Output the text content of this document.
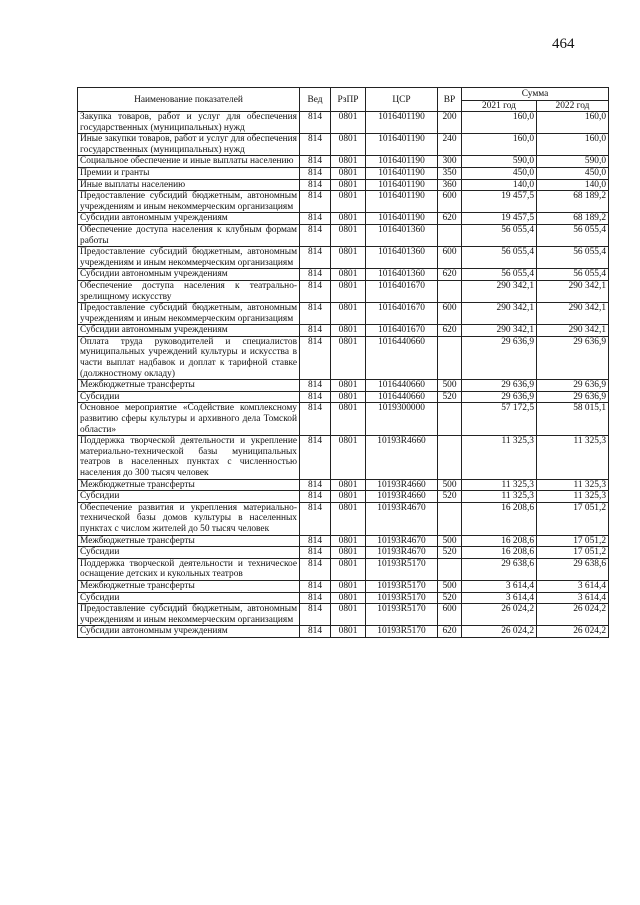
464
Наименование показателей	Вед	РзПР	ЦСР	ВР	Сумма	
					2021 год	2022 год
Закупка товаров, работ и услуг для обеспечения государственных (муниципальных) нужд	814	0801	1016401190	200	160,0	160,0
Иные закупки товаров, работ и услуг для обеспечения государственных (муниципальных) нужд	814	0801	1016401190	240	160,0	160,0
Социальное обеспечение и иные выплаты населению	814	0801	1016401190	300	590,0	590,0
Премии и гранты	814	0801	1016401190	350	450,0	450,0
Иные выплаты населению	814	0801	1016401190	360	140,0	140,0
Предоставление субсидий бюджетным, автономным учреждениям и иным некоммерческим организациям	814	0801	1016401190	600	19 457,5	68 189,2
Субсидии автономным учреждениям	814	0801	1016401190	620	19 457,5	68 189,2
Обеспечение доступа населения к клубным формам работы	814	0801	1016401360		56 055,4	56 055,4
Предоставление субсидий бюджетным, автономным учреждениям и иным некоммерческим организациям	814	0801	1016401360	600	56 055,4	56 055,4
Субсидии автономным учреждениям	814	0801	1016401360	620	56 055,4	56 055,4
Обеспечение доступа населения к театрально-зрелищному искусству	814	0801	1016401670		290 342,1	290 342,1
Предоставление субсидий бюджетным, автономным учреждениям и иным некоммерческим организациям	814	0801	1016401670	600	290 342,1	290 342,1
Субсидии автономным учреждениям	814	0801	1016401670	620	290 342,1	290 342,1
Оплата труда руководителей и специалистов муниципальных учреждений культуры и искусства в части выплат надбавок и доплат к тарифной ставке (должностному окладу)	814	0801	1016440660		29 636,9	29 636,9
Межбюджетные трансферты	814	0801	1016440660	500	29 636,9	29 636,9
Субсидии	814	0801	1016440660	520	29 636,9	29 636,9
Основное мероприятие «Содействие комплексному развитию сферы культуры и архивного дела Томской области»	814	0801	1019300000		57 172,5	58 015,1
Поддержка творческой деятельности и укрепление материально-технической базы муниципальных театров в населенных пунктах с численностью населения до 300 тысяч человек	814	0801	10193R4660		11 325,3	11 325,3
Межбюджетные трансферты	814	0801	10193R4660	500	11 325,3	11 325,3
Субсидии	814	0801	10193R4660	520	11 325,3	11 325,3
Обеспечение развития и укрепления материально-технической базы домов культуры в населенных пунктах с числом жителей до 50 тысяч человек	814	0801	10193R4670		16 208,6	17 051,2
Межбюджетные трансферты	814	0801	10193R4670	500	16 208,6	17 051,2
Субсидии	814	0801	10193R4670	520	16 208,6	17 051,2
Поддержка творческой деятельности и техническое оснащение детских и кукольных театров	814	0801	10193R5170		29 638,6	29 638,6
Межбюджетные трансферты	814	0801	10193R5170	500	3 614,4	3 614,4
Субсидии	814	0801	10193R5170	520	3 614,4	3 614,4
Предоставление субсидий бюджетным, автономным учреждениям и иным некоммерческим организациям	814	0801	10193R5170	600	26 024,2	26 024,2
Субсидии автономным учреждениям	814	0801	10193R5170	620	26 024,2	26 024,2
